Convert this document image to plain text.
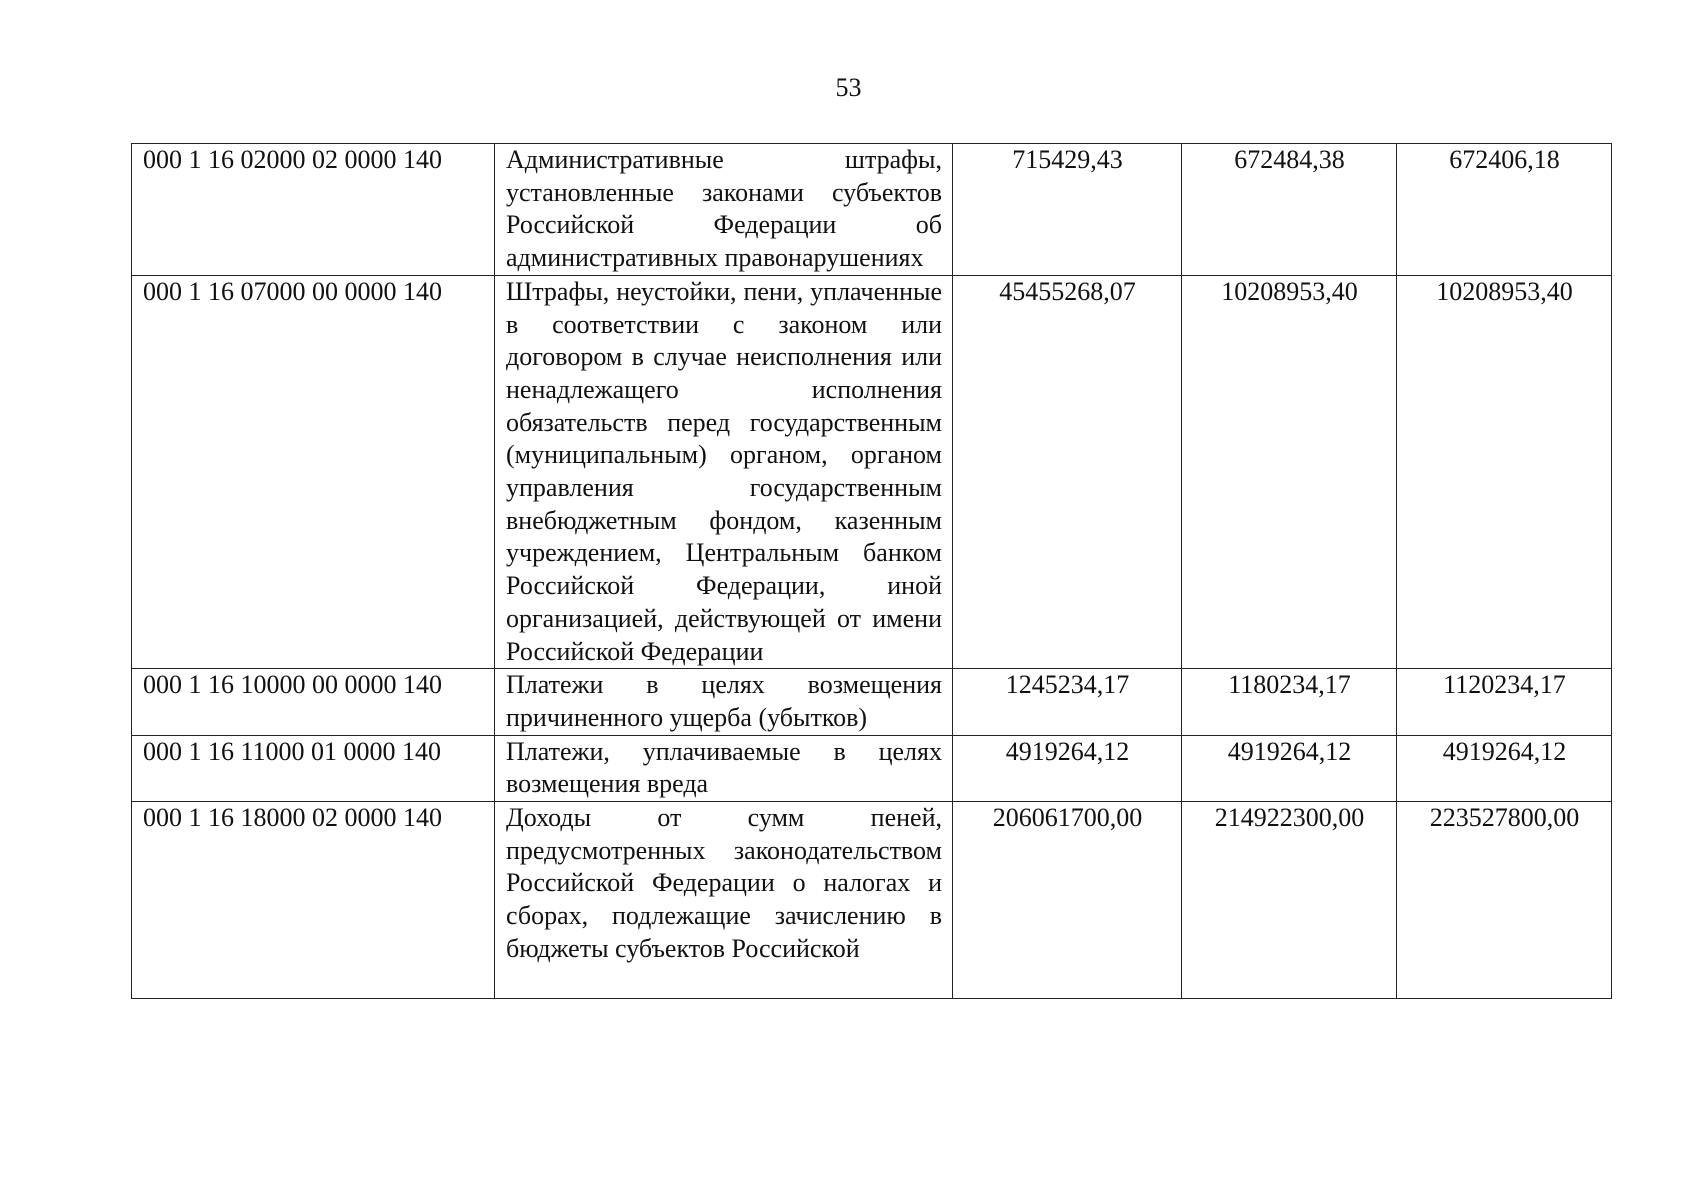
53
000 1 16 02000 02 0000 140	Административные штрафы, установленные законами субъектов Российской Федерации об административных правонарушениях	715429,43	672484,38	672406,18
000 1 16 07000 00 0000 140	Штрафы, неустойки, пени, уплаченные в соответствии с законом или договором в случае неисполнения или ненадлежащего исполнения обязательств перед государственным (муниципальным) органом, органом управления государственным внебюджетным фондом, казенным учреждением, Центральным банком Российской Федерации, иной организацией, действующей от имени Российской Федерации	45455268,07	10208953,40	10208953,40
000 1 16 10000 00 0000 140	Платежи в целях возмещения причиненного ущерба (убытков)	1245234,17	1180234,17	1120234,17
000 1 16 11000 01 0000 140	Платежи, уплачиваемые в целях возмещения вреда	4919264,12	4919264,12	4919264,12
000 1 16 18000 02 0000 140	Доходы от сумм пеней, предусмотренных законодательством Российской Федерации о налогах и сборах, подлежащие зачислению в бюджеты субъектов Российской	206061700,00	214922300,00	223527800,00
